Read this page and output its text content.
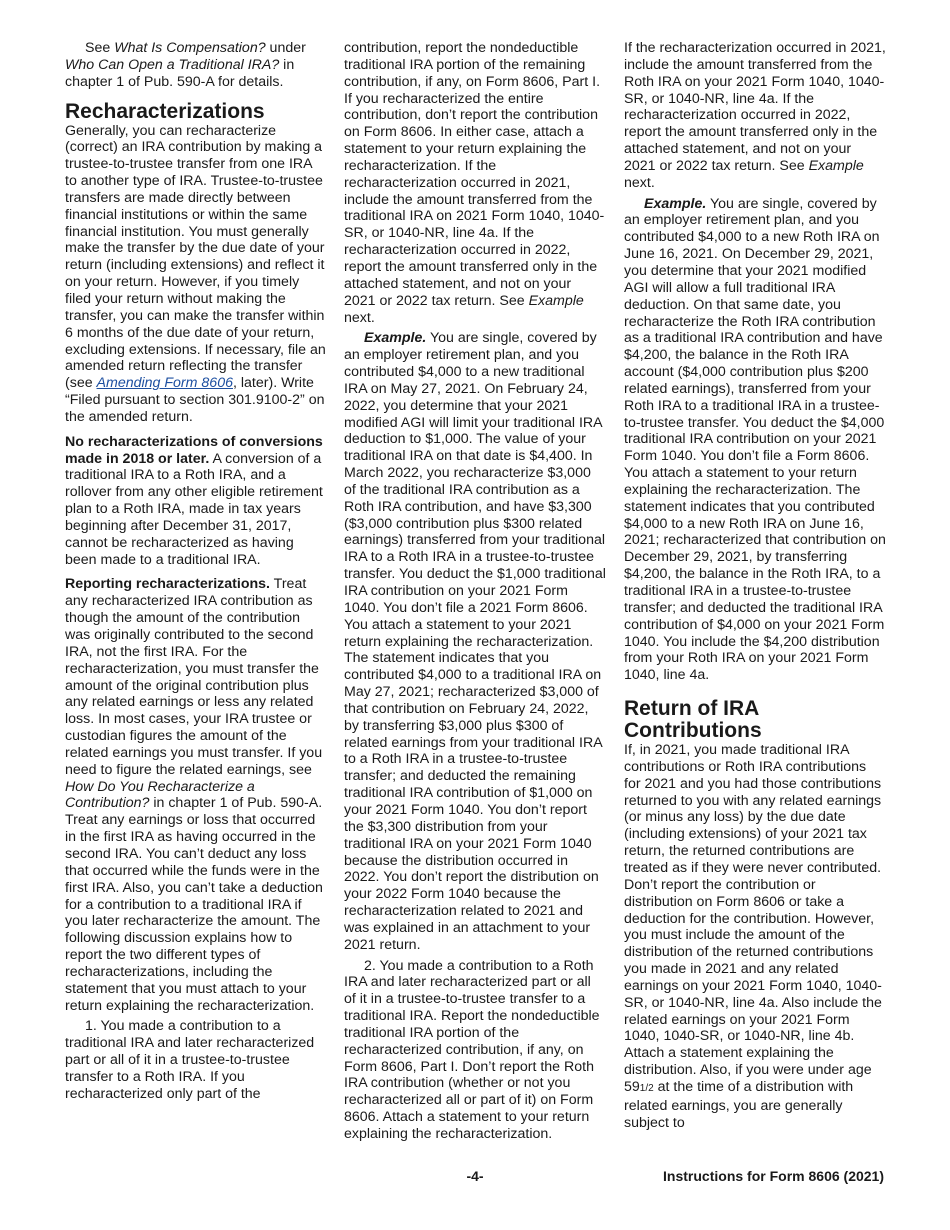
See What Is Compensation? under Who Can Open a Traditional IRA? in chapter 1 of Pub. 590-A for details.

Recharacterizations

Generally, you can recharacterize (correct) an IRA contribution by making a trustee-to-trustee transfer from one IRA to another type of IRA. Trustee-to-trustee transfers are made directly between financial institutions or within the same financial institution. You must generally make the transfer by the due date of your return (including extensions) and reflect it on your return. However, if you timely filed your return without making the transfer, you can make the transfer within 6 months of the due date of your return, excluding extensions. If necessary, file an amended return reflecting the transfer (see Amending Form 8606, later). Write “Filed pursuant to section 301.9100-2” on the amended return.

No recharacterizations of conversions made in 2018 or later. A conversion of a traditional IRA to a Roth IRA, and a rollover from any other eligible retirement plan to a Roth IRA, made in tax years beginning after December 31, 2017, cannot be recharacterized as having been made to a traditional IRA.

Reporting recharacterizations. Treat any recharacterized IRA contribution as though the amount of the contribution was originally contributed to the second IRA, not the first IRA. For the recharacterization, you must transfer the amount of the original contribution plus any related earnings or less any related loss. In most cases, your IRA trustee or custodian figures the amount of the related earnings you must transfer. If you need to figure the related earnings, see How Do You Recharacterize a Contribution? in chapter 1 of Pub. 590-A. Treat any earnings or loss that occurred in the first IRA as having occurred in the second IRA. You can’t deduct any loss that occurred while the funds were in the first IRA. Also, you can’t take a deduction for a contribution to a traditional IRA if you later recharacterize the amount. The following discussion explains how to report the two different types of recharacterizations, including the statement that you must attach to your return explaining the recharacterization.

1. You made a contribution to a traditional IRA and later recharacterized part or all of it in a trustee-to-trustee transfer to a Roth IRA. If you recharacterized only part of the

contribution, report the nondeductible traditional IRA portion of the remaining contribution, if any, on Form 8606, Part I. If you recharacterized the entire contribution, don’t report the contribution on Form 8606. In either case, attach a statement to your return explaining the recharacterization. If the recharacterization occurred in 2021, include the amount transferred from the traditional IRA on 2021 Form 1040, 1040-SR, or 1040-NR, line 4a. If the recharacterization occurred in 2022, report the amount transferred only in the attached statement, and not on your 2021 or 2022 tax return. See Example next.

Example. You are single, covered by an employer retirement plan, and you contributed $4,000 to a new traditional IRA on May 27, 2021. On February 24, 2022, you determine that your 2021 modified AGI will limit your traditional IRA deduction to $1,000. The value of your traditional IRA on that date is $4,400. In March 2022, you recharacterize $3,000 of the traditional IRA contribution as a Roth IRA contribution, and have $3,300 ($3,000 contribution plus $300 related earnings) transferred from your traditional IRA to a Roth IRA in a trustee-to-trustee transfer. You deduct the $1,000 traditional IRA contribution on your 2021 Form 1040. You don’t file a 2021 Form 8606. You attach a statement to your 2021 return explaining the recharacterization. The statement indicates that you contributed $4,000 to a traditional IRA on May 27, 2021; recharacterized $3,000 of that contribution on February 24, 2022, by transferring $3,000 plus $300 of related earnings from your traditional IRA to a Roth IRA in a trustee-to-trustee transfer; and deducted the remaining traditional IRA contribution of $1,000 on your 2021 Form 1040. You don’t report the $3,300 distribution from your traditional IRA on your 2021 Form 1040 because the distribution occurred in 2022. You don’t report the distribution on your 2022 Form 1040 because the recharacterization related to 2021 and was explained in an attachment to your 2021 return.

2. You made a contribution to a Roth IRA and later recharacterized part or all of it in a trustee-to-trustee transfer to a traditional IRA. Report the nondeductible traditional IRA portion of the recharacterized contribution, if any, on Form 8606, Part I. Don’t report the Roth IRA contribution (whether or not you recharacterized all or part of it) on Form 8606. Attach a statement to your return explaining the recharacterization.

If the recharacterization occurred in 2021, include the amount transferred from the Roth IRA on your 2021 Form 1040, 1040-SR, or 1040-NR, line 4a. If the recharacterization occurred in 2022, report the amount transferred only in the attached statement, and not on your 2021 or 2022 tax return. See Example next.

Example. You are single, covered by an employer retirement plan, and you contributed $4,000 to a new Roth IRA on June 16, 2021. On December 29, 2021, you determine that your 2021 modified AGI will allow a full traditional IRA deduction. On that same date, you recharacterize the Roth IRA contribution as a traditional IRA contribution and have $4,200, the balance in the Roth IRA account ($4,000 contribution plus $200 related earnings), transferred from your Roth IRA to a traditional IRA in a trustee-to-trustee transfer. You deduct the $4,000 traditional IRA contribution on your 2021 Form 1040. You don’t file a Form 8606. You attach a statement to your return explaining the recharacterization. The statement indicates that you contributed $4,000 to a new Roth IRA on June 16, 2021; recharacterized that contribution on December 29, 2021, by transferring $4,200, the balance in the Roth IRA, to a traditional IRA in a trustee-to-trustee transfer; and deducted the traditional IRA contribution of $4,000 on your 2021 Form 1040. You include the $4,200 distribution from your Roth IRA on your 2021 Form 1040, line 4a.

Return of IRA Contributions

If, in 2021, you made traditional IRA contributions or Roth IRA contributions for 2021 and you had those contributions returned to you with any related earnings (or minus any loss) by the due date (including extensions) of your 2021 tax return, the returned contributions are treated as if they were never contributed. Don’t report the contribution or distribution on Form 8606 or take a deduction for the contribution. However, you must include the amount of the distribution of the returned contributions you made in 2021 and any related earnings on your 2021 Form 1040, 1040-SR, or 1040-NR, line 4a. Also include the related earnings on your 2021 Form 1040, 1040-SR, or 1040-NR, line 4b. Attach a statement explaining the distribution. Also, if you were under age 591/2 at the time of a distribution with related earnings, you are generally subject to

-4-	Instructions for Form 8606 (2021)
